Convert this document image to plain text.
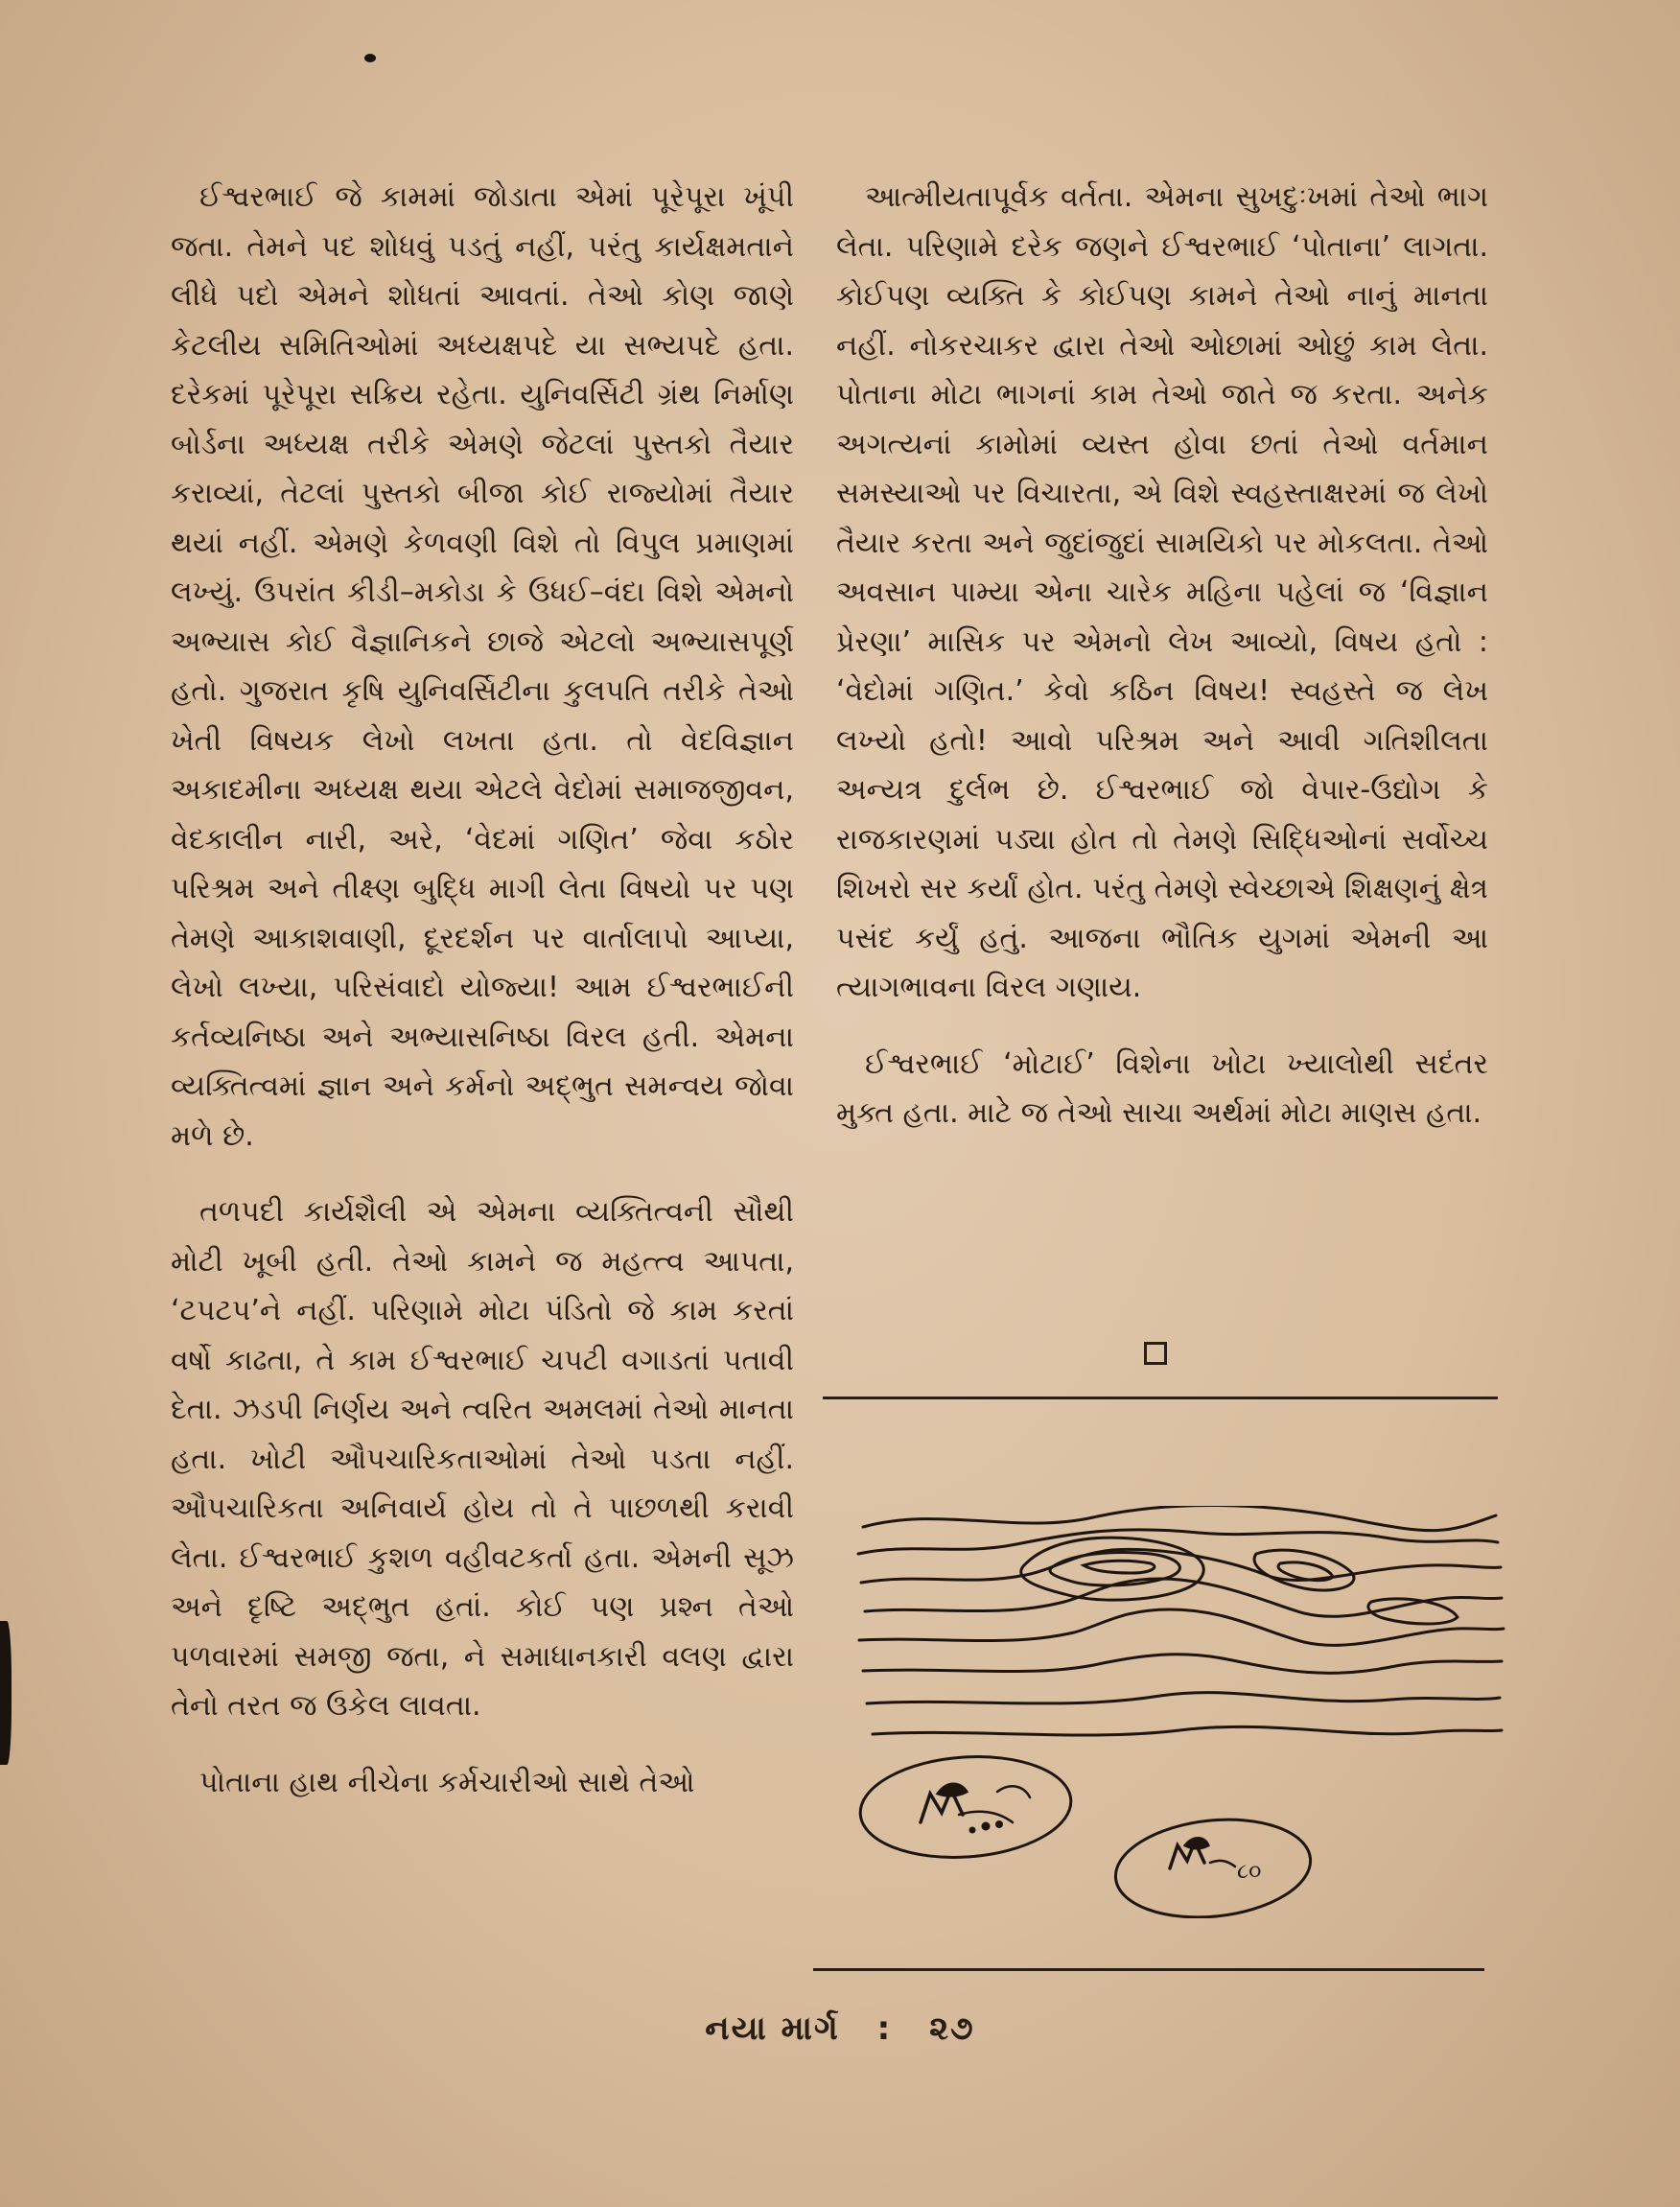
ઈશ્વરભાઈ જે કામમાં જોડાતા એમાં પૂરેપૂરા ખૂંપી જતા. તેમને પદ શોધવું પડતું નહીં, પરંતુ કાર્યક્ષમતાને લીધે પદો એમને શોધતાં આવતાં. તેઓ કોણ જાણે કેટલીય સમિતિઓમાં અધ્યક્ષપદે યા સભ્યપદે હતા. દરેકમાં પૂરેપૂરા સક્રિય રહેતા. યુનિવર્સિટી ગ્રંથ નિર્માણ બોર્ડના અધ્યક્ષ તરીકે એમણે જેટલાં પુસ્તકો તૈયાર કરાવ્યાં, તેટલાં પુસ્તકો બીજા કોઈ રાજ્યોમાં તૈયાર થયાં નહીં. એમણે કેળવણી વિશે તો વિપુલ પ્રમાણમાં લખ્યું. ઉપરાંત કીડી–મકોડા કે ઉધઈ–વંદા વિશે એમનો અભ્યાસ કોઈ વૈજ્ઞાનિકને છાજે એટલો અભ્યાસપૂર્ણ હતો. ગુજરાત કૃષિ યુનિવર્સિટીના કુલપતિ તરીકે તેઓ ખેતી વિષયક લેખો લખતા હતા. તો વેદવિજ્ઞાન અકાદમીના અધ્યક્ષ થયા એટલે વેદોમાં સમાજજીવન, વેદકાલીન નારી, અરે, ‘વેદમાં ગણિત’ જેવા કઠોર પરિશ્રમ અને તીક્ષ્ણ બુદ્ધિ માગી લેતા વિષયો પર પણ તેમણે આકાશવાણી, દૂરદર્શન પર વાર્તાલાપો આપ્યા, લેખો લખ્યા, પરિસંવાદો યોજ્યા! આમ ઈશ્વરભાઈની કર્તવ્યનિષ્ઠા અને અભ્યાસનિષ્ઠા વિરલ હતી. એમના વ્યક્તિત્વમાં જ્ઞાન અને કર્મનો અદ્ભુત સમન્વય જોવા મળે છે.

તળપદી કાર્યશૈલી એ એમના વ્યક્તિત્વની સૌથી મોટી ખૂબી હતી. તેઓ કામને જ મહત્ત્વ આપતા, ‘ટપટપ’ને નહીં. પરિણામે મોટા પંડિતો જે કામ કરતાં વર્ષો કાઢતા, તે કામ ઈશ્વરભાઈ ચપટી વગાડતાં પતાવી દેતા. ઝડપી નિર્ણય અને ત્વરિત અમલમાં તેઓ માનતા હતા. ખોટી ઔપચારિકતાઓમાં તેઓ પડતા નહીં. ઔપચારિકતા અનિવાર્ય હોય તો તે પાછળથી કરાવી લેતા. ઈશ્વરભાઈ કુશળ વહીવટકર્તા હતા. એમની સૂઝ અને દૃષ્ટિ અદ્ભુત હતાં. કોઈ પણ પ્રશ્ન તેઓ પળવારમાં સમજી જતા, ને સમાધાનકારી વલણ દ્વારા તેનો તરત જ ઉકેલ લાવતા.

પોતાના હાથ નીચેના કર્મચારીઓ સાથે તેઓ

આત્મીયતાપૂર્વક વર્તતા. એમના સુખદુઃખમાં તેઓ ભાગ લેતા. પરિણામે દરેક જણને ઈશ્વરભાઈ ‘પોતાના’ લાગતા. કોઈપણ વ્યક્તિ કે કોઈપણ કામને તેઓ નાનું માનતા નહીં. નોકરચાકર દ્વારા તેઓ ઓછામાં ઓછું કામ લેતા. પોતાના મોટા ભાગનાં કામ તેઓ જાતે જ કરતા. અનેક અગત્યનાં કામોમાં વ્યસ્ત હોવા છતાં તેઓ વર્તમાન સમસ્યાઓ પર વિચારતા, એ વિશે સ્વહસ્તાક્ષરમાં જ લેખો તૈયાર કરતા અને જુદાંજુદાં સામયિકો પર મોકલતા. તેઓ અવસાન પામ્યા એના ચારેક મહિના પહેલાં જ ‘વિજ્ઞાન પ્રેરણા’ માસિક પર એમનો લેખ આવ્યો, વિષય હતો : ‘વેદોમાં ગણિત.’ કેવો કઠિન વિષય! સ્વહસ્તે જ લેખ લખ્યો હતો! આવો પરિશ્રમ અને આવી ગતિશીલતા અન્યત્ર દુર્લભ છે. ઈશ્વરભાઈ જો વેપાર-ઉદ્યોગ કે રાજકારણમાં પડ્યા હોત તો તેમણે સિદ્ધિઓનાં સર્વોચ્ચ શિખરો સર કર્યાં હોત. પરંતુ તેમણે સ્વેચ્છાએ શિક્ષણનું ક્ષેત્ર પસંદ કર્યું હતું. આજના ભૌતિક યુગમાં એમની આ ત્યાગભાવના વિરલ ગણાય.

ઈશ્વરભાઈ ‘મોટાઈ’ વિશેના ખોટા ખ્યાલોથી સદંતર મુક્ત હતા. માટે જ તેઓ સાચા અર્થમાં મોટા માણસ હતા.

૮૦
નયા માર્ગ : ૨૭
